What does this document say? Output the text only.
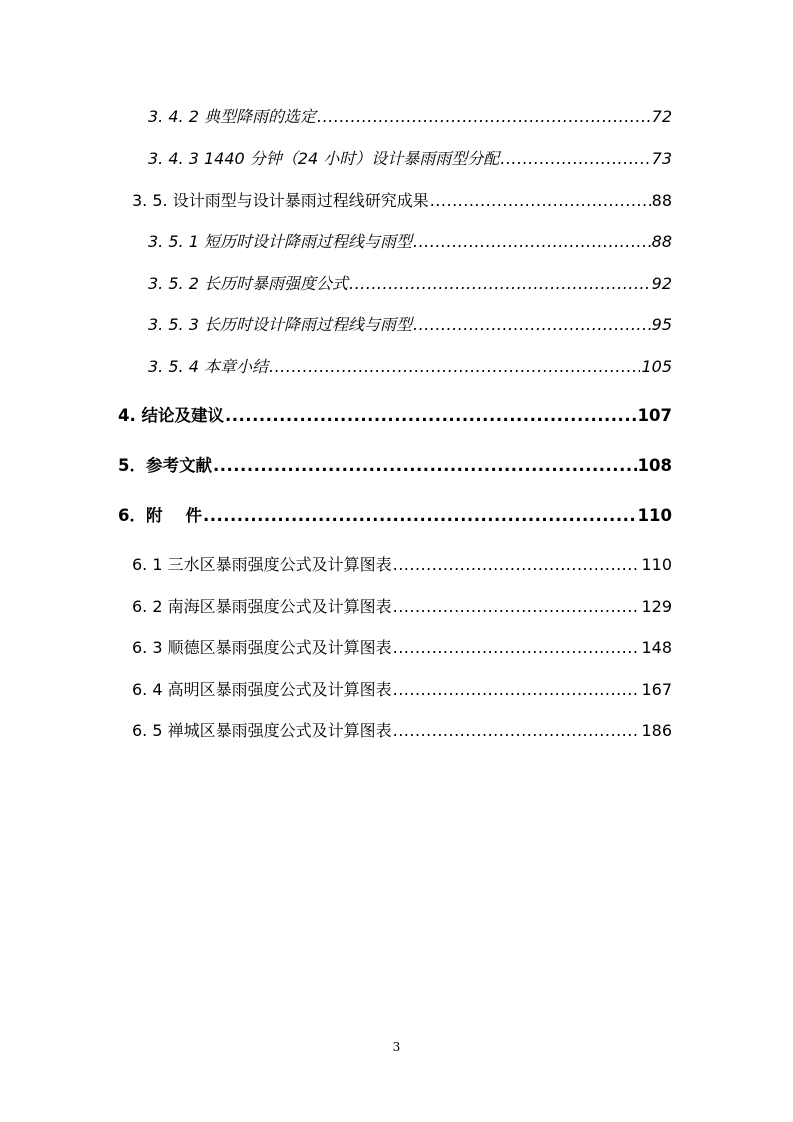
3. 4. 2 典型降雨的选定 .....	72
3. 4. 3 1440 分钟（24 小时）设计暴雨雨型分配 .....	73
3. 5. 设计雨型与设计暴雨过程线研究成果 .....	88
3. 5. 1 短历时设计降雨过程线与雨型 .....	88
3. 5. 2 长历时暴雨强度公式 .....	92
3. 5. 3 长历时设计降雨过程线与雨型 .....	95
3. 5. 4 本章小结 .....	105
4. 结论及建议 .....	107
5．参考文献 .....	108
6．附    件 .....	110
6. 1 三水区暴雨强度公式及计算图表 .....	110
6. 2 南海区暴雨强度公式及计算图表 .....	129
6. 3 顺德区暴雨强度公式及计算图表 .....	148
6. 4 高明区暴雨强度公式及计算图表 .....	167
6. 5 禅城区暴雨强度公式及计算图表 .....	186
3
